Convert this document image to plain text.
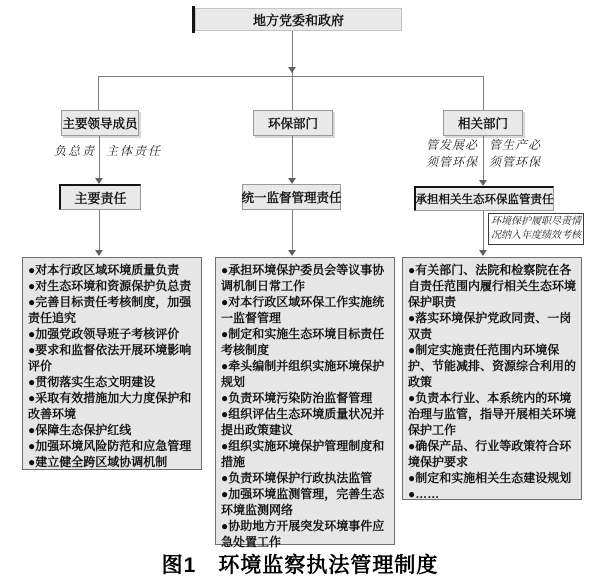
地方党委和政府
主要领导成员	环保部门	相关部门
负总责 主体责任	管发展必须管环保
管生产必须管环保
主要责任	统一监督管理责任	承担相关生态环保监管责任
环境保护履职尽责情况纳入年度绩效考核
●对本行政区域环境质量负责
●对生态环境和资源保护负总责
●完善目标责任考核制度，加强责任追究
●加强党政领导班子考核评价
●要求和监督依法开展环境影响评价
●贯彻落实生态文明建设
●采取有效措施加大力度保护和改善环境
●保障生态保护红线
●加强环境风险防范和应急管理
●建立健全跨区域协调机制
●承担环境保护委员会等议事协调机制日常工作
●对本行政区域环保工作实施统一监督管理
●制定和实施生态环境目标责任考核制度
●牵头编制并组织实施环境保护规划
●负责环境污染防治监督管理
●组织评估生态环境质量状况并提出政策建议
●组织实施环境保护管理制度和措施
●负责环境保护行政执法监管
●加强环境监测管理，完善生态环境监测网络
●协助地方开展突发环境事件应急处置工作
●有关部门、法院和检察院在各自责任范围内履行相关生态环境保护职责
●落实环境保护党政同责、一岗双责
●制定实施责任范围内环境保护、节能减排、资源综合利用的政策
●负责本行业、本系统内的环境治理与监管，指导开展相关环境保护工作
●确保产品、行业等政策符合环境保护要求
●制定和实施相关生态建设规划
●……
图1　环境监察执法管理制度
